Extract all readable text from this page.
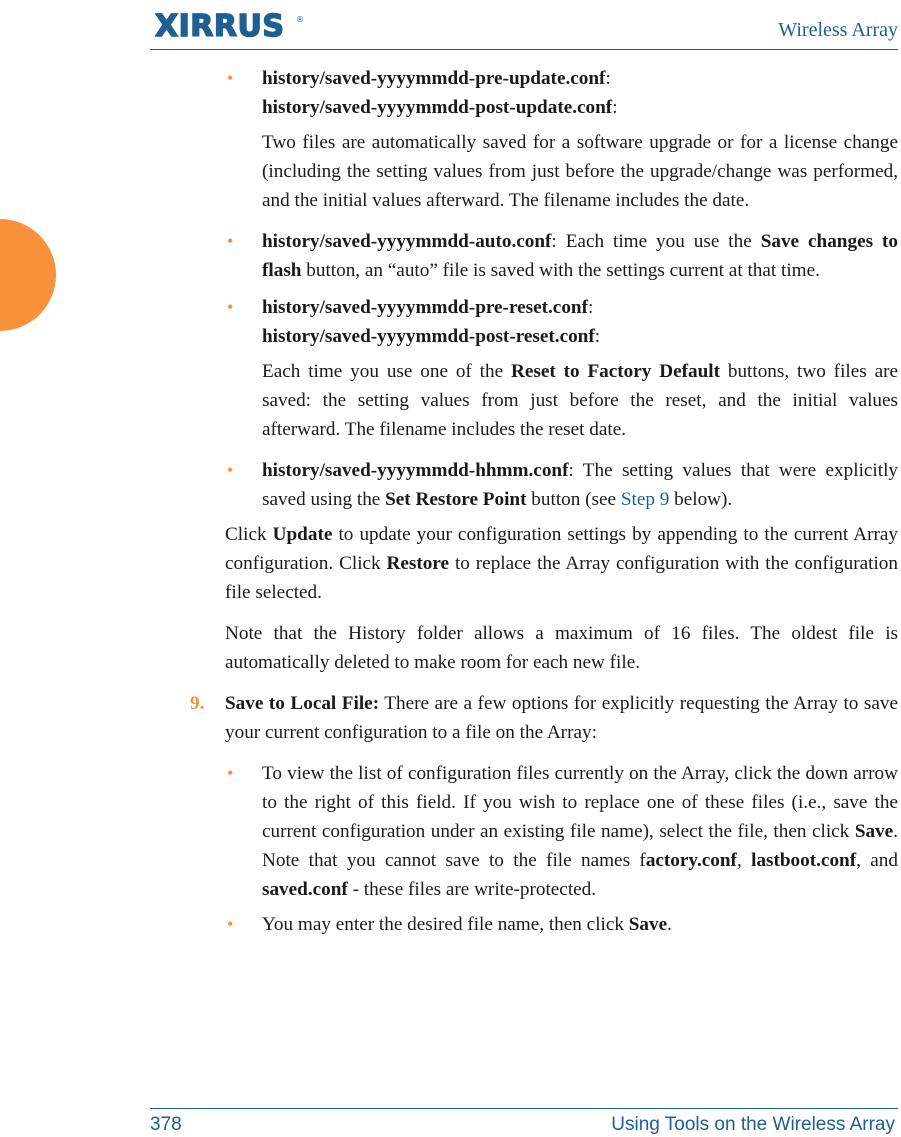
XIRRUS ®	Wireless Array
• history/saved-yyyymmdd-pre-update.conf:
history/saved-yyyymmdd-post-update.conf:

Two files are automatically saved for a software upgrade or for a license change (including the setting values from just before the upgrade/change was performed, and the initial values afterward. The filename includes the date.

• history/saved-yyyymmdd-auto.conf: Each time you use the Save changes to flash button, an “auto” file is saved with the settings current at that time.

• history/saved-yyyymmdd-pre-reset.conf:
history/saved-yyyymmdd-post-reset.conf:

Each time you use one of the Reset to Factory Default buttons, two files are saved: the setting values from just before the reset, and the initial values afterward. The filename includes the reset date.

• history/saved-yyyymmdd-hhmm.conf: The setting values that were explicitly saved using the Set Restore Point button (see Step 9 below).

Click Update to update your configuration settings by appending to the current Array configuration. Click Restore to replace the Array configuration with the configuration file selected.

Note that the History folder allows a maximum of 16 files. The oldest file is automatically deleted to make room for each new file.

9. Save to Local File: There are a few options for explicitly requesting the Array to save your current configuration to a file on the Array:

• To view the list of configuration files currently on the Array, click the down arrow to the right of this field. If you wish to replace one of these files (i.e., save the current configuration under an existing file name), select the file, then click Save. Note that you cannot save to the file names factory.conf, lastboot.conf, and saved.conf - these files are write-protected.

• You may enter the desired file name, then click Save.

378	Using Tools on the Wireless Array
